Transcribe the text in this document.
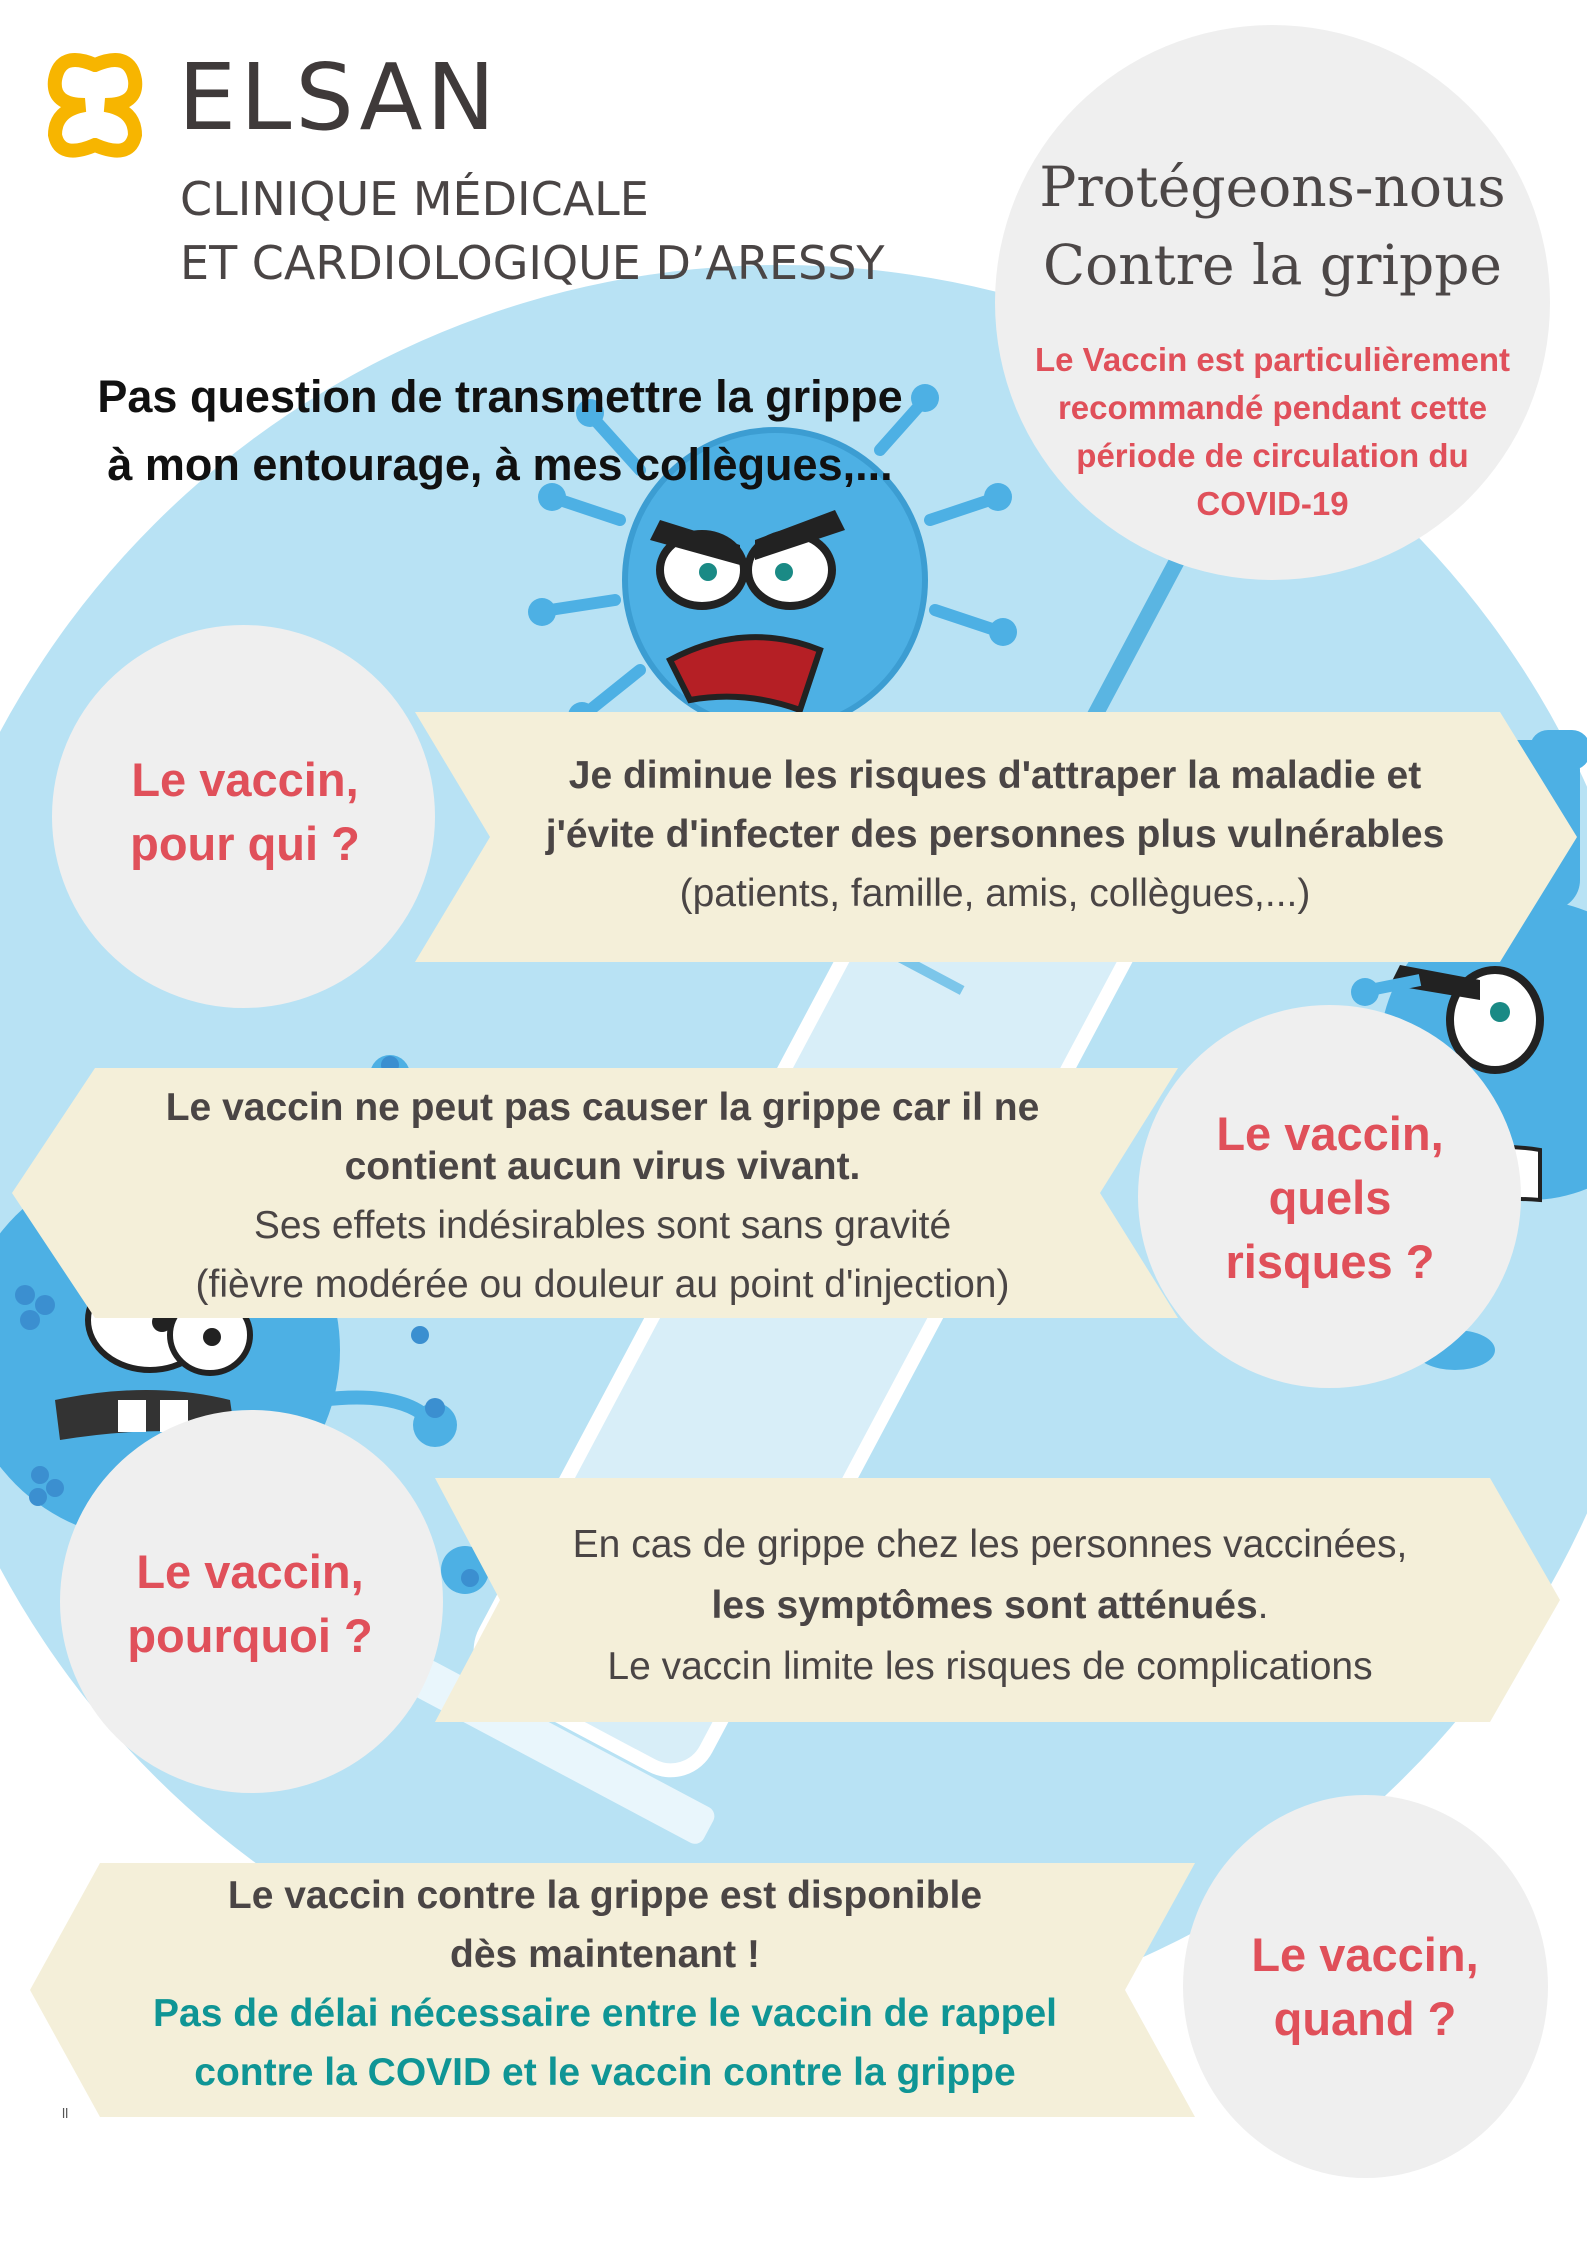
ELSAN
CLINIQUE MÉDICALE
ET CARDIOLOGIQUE D’ARESSY
Pas question de transmettre la grippe
à mon entourage, à mes collègues,...
Protégeons-nous
Contre la grippe
Le Vaccin est particulièrement
recommandé pendant cette
période de circulation du
COVID-19
Le vaccin,
pour qui ?
Je diminue les risques d'attraper la maladie et
j'évite d'infecter des personnes plus vulnérables
(patients, famille, amis, collègues,...)
Le vaccin ne peut pas causer la grippe car il ne
contient aucun virus vivant.
Ses effets indésirables sont sans gravité
(fièvre modérée ou douleur au point d'injection)
Le vaccin,
quels
risques ?
Le vaccin,
pourquoi ?
En cas de grippe chez les personnes vaccinées,
les symptômes sont atténués.
Le vaccin limite les risques de complications
Le vaccin contre la grippe est disponible
dès maintenant !
Pas de délai nécessaire entre le vaccin de rappel
contre la COVID et le vaccin contre la grippe
Le vaccin,
quand ?
ll
